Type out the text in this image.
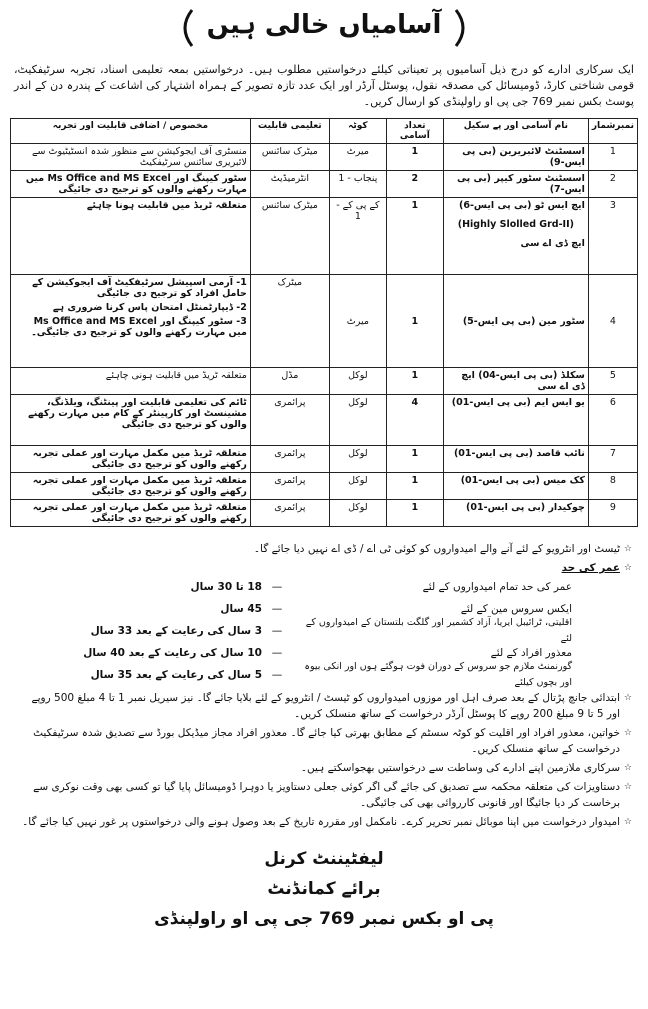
آسامیاں خالی ہیں
ایک سرکاری ادارے کو درج ذیل آسامیوں پر تعیناتی کیلئے درخواستیں مطلوب ہیں۔ درخواستیں بمعہ تعلیمی اسناد، تجربہ سرٹیفکیٹ، قومی شناختی کارڈ، ڈومیسائل کی مصدقہ نقول، پوسٹل آرڈر اور ایک عدد تازہ تصویر کے ہمراہ اشتہار کی اشاعت کے پندرہ دن کے اندر پوسٹ بکس نمبر 769 جی پی او راولپنڈی کو ارسال کریں۔
نمبرشمار	نام آسامی اور پے سکیل	تعداد آسامی	کوٹہ	تعلیمی قابلیت	مخصوص / اضافی قابلیت اور تجربہ
1	اسسٹنٹ لائبریرین (بی پی ایس-9)	1	میرٹ	میٹرک سائنس	منسٹری آف ایجوکیشن سے منظور شدہ انسٹیٹیوٹ سے لائبریری سائنس سرٹیفکیٹ
2	اسسٹنٹ سٹور کیپر (بی پی ایس-7)	2	پنجاب - 1	انٹرمیڈیٹ	سٹور کیپنگ اور Ms Office and MS Excel میں مہارت رکھنے والوں کو ترجیح دی جائیگی
3	ایچ ایس ٹو (بی پی ایس-6)
(Highly Slolled Grd-II)
ایچ ڈی اے سی	1	کے پی کے - 1	میٹرک سائنس	متعلقہ ٹریڈ میں قابلیت ہونا چاہئے
4	سٹور مین (بی پی ایس-5)	1	میرٹ	میٹرک	1- آرمی اسپیشل سرٹیفکیٹ آف ایجوکیشن کے حامل افراد کو ترجیح دی جائیگی
2- ڈیپارٹمنٹل امتحان پاس کرنا ضروری ہے
3- سٹور کیپنگ اور Ms Office and MS Excel میں مہارت رکھنے والوں کو ترجیح دی جائیگی۔

5	سکلڈ (بی پی ایس-04) ایچ ڈی اے سی	1	لوکل	مڈل	متعلقہ ٹریڈ میں قابلیت ہونی چاہئے
6	یو ایس ایم (بی پی ایس-01)	4	لوکل	پرائمری	ٹائم کی تعلیمی قابلیت اور پینٹنگ، ویلڈنگ، مشینسٹ اور کارپینٹر کے کام میں مہارت رکھنے والوں کو ترجیح دی جائیگی
7	نائب قاصد (بی پی ایس-01)	1	لوکل	پرائمری	متعلقہ ٹریڈ میں مکمل مہارت اور عملی تجربہ رکھنے والوں کو ترجیح دی جائیگی
8	کک میس (بی پی ایس-01)	1	لوکل	پرائمری	متعلقہ ٹریڈ میں مکمل مہارت اور عملی تجربہ رکھنے والوں کو ترجیح دی جائیگی
9	چوکیدار (بی پی ایس-01)	1	لوکل	پرائمری	متعلقہ ٹریڈ میں مکمل مہارت اور عملی تجربہ رکھنے والوں کو ترجیح دی جائیگی
☆ ٹیسٹ اور انٹرویو کے لئے آنے والے امیدواروں کو کوئی ٹی اے / ڈی اے نہیں دیا جائے گا۔
☆ عمر کی حد
عمر کی حد تمام امیدواروں کے لئے
—
18 تا 30 سال
ایکس سروس مین کے لئے
—
45 سال
اقلیتی، ٹرائیبل ایریا، آزاد کشمیر اور گلگت بلتستان کے امیدواروں کے لئے
—
3 سال کی رعایت کے بعد 33 سال
معذور افراد کے لئے
—
10 سال کی رعایت کے بعد 40 سال
گورنمنٹ ملازم جو سروس کے دوران فوت ہوگئے ہوں اور انکی بیوہ اور بچوں کیلئے
—
5 سال کی رعایت کے بعد 35 سال
☆ ابتدائی جانچ پڑتال کے بعد صرف اہل اور موزوں امیدواروں کو ٹیسٹ / انٹرویو کے لئے بلایا جائے گا۔ نیز سیریل نمبر 1 تا 4 مبلغ 500 روپے اور 5 تا 9 مبلغ 200 روپے کا پوسٹل آرڈر درخواست کے ساتھ منسلک کریں۔
☆ خواتین، معذور افراد اور اقلیت کو کوٹہ سسٹم کے مطابق بھرتی کیا جائے گا۔ معذور افراد مجاز میڈیکل بورڈ سے تصدیق شدہ سرٹیفکیٹ درخواست کے ساتھ منسلک کریں۔
☆ سرکاری ملازمین اپنے ادارے کی وساطت سے درخواستیں بھجواسکتے ہیں۔
☆ دستاویزات کی متعلقہ محکمہ سے تصدیق کی جائے گی اگر کوئی جعلی دستاویز یا دوہرا ڈومیسائل پایا گیا تو کسی بھی وقت نوکری سے برخاست کر دیا جائیگا اور قانونی کارروائی بھی کی جائیگی۔
☆ امیدوار درخواست میں اپنا موبائل نمبر تحریر کرے۔ نامکمل اور مقررہ تاریخ کے بعد وصول ہونے والی درخواستوں پر غور نہیں کیا جائے گا۔
لیفٹیننٹ کرنل
برائے کمانڈنٹ
پی او بکس نمبر 769 جی پی او راولپنڈی
